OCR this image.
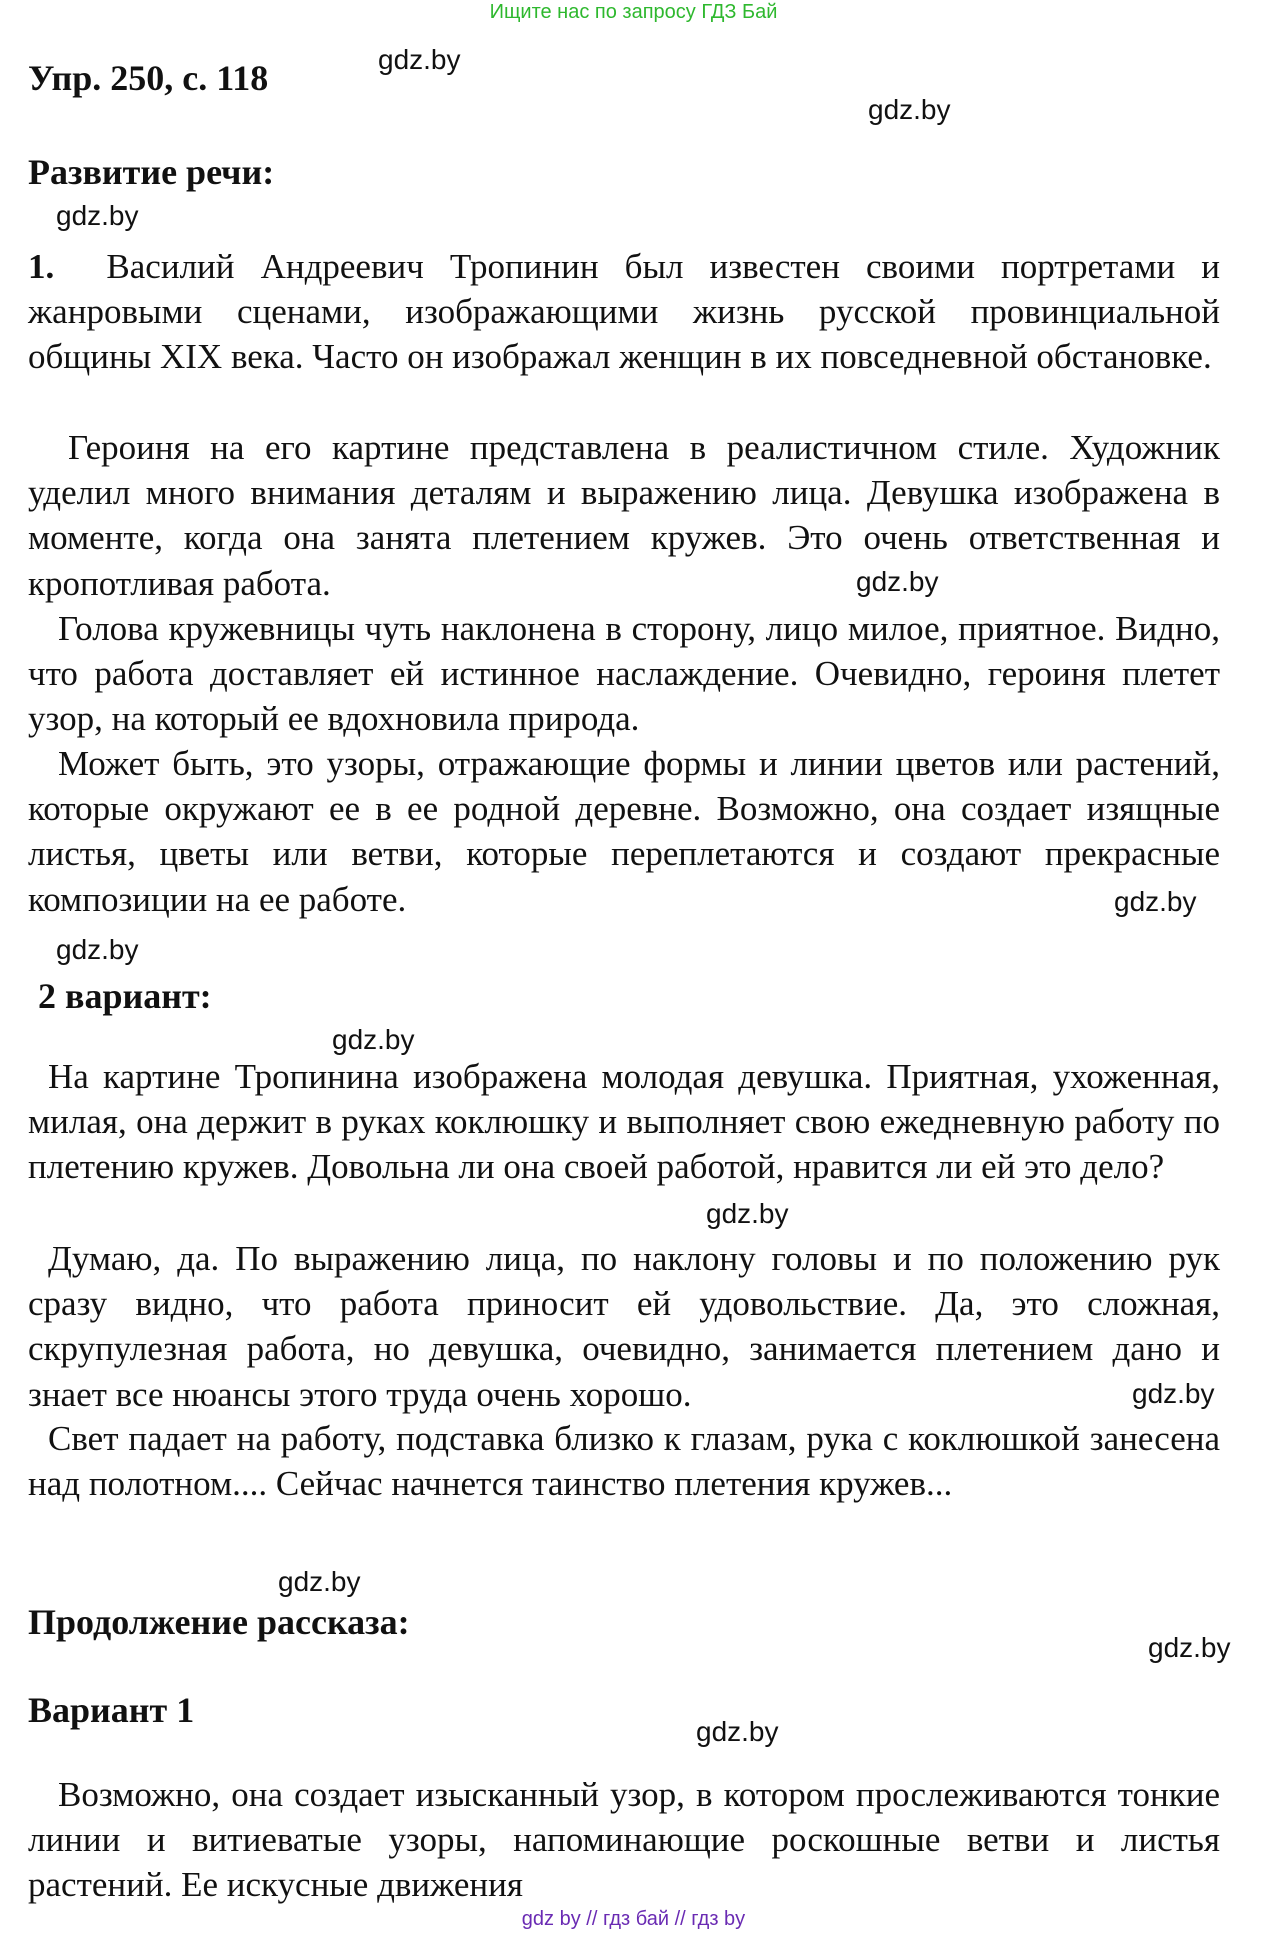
Ищите нас по запросу ГДЗ Бай
Упр. 250, с. 118	gdz.by
gdz.by
Развитие речи:
gdz.by

1. Василий Андреевич Тропинин был известен своими портретами и жанровыми сценами, изображающими жизнь русской провинциальной общины XIX века. Часто он изображал женщин в их повседневной обстановке.

Героиня на его картине представлена в реалистичном стиле. Художник уделил много внимания деталям и выражению лица. Девушка изображена в моменте, когда она занята плетением кружев. Это очень ответственная и кропотливая работа.	gdz.by

Голова кружевницы чуть наклонена в сторону, лицо милое, приятное. Видно, что работа доставляет ей истинное наслаждение. Очевидно, героиня плетет узор, на который ее вдохновила природа.

Может быть, это узоры, отражающие формы и линии цветов или растений, которые окружают ее в ее родной деревне. Возможно, она создает изящные листья, цветы или ветви, которые переплетаются и создают прекрасные композиции на ее работе.	gdz.by
gdz.by
2 вариант:
gdz.by

На картине Тропинина изображена молодая девушка. Приятная, ухоженная, милая, она держит в руках коклюшку и выполняет свою ежедневную работу по плетению кружев. Довольна ли она своей работой, нравится ли ей это дело?

gdz.by

Думаю, да. По выражению лица, по наклону головы и по положению рук сразу видно, что работа приносит ей удовольствие. Да, это сложная, скрупулезная работа, но девушка, очевидно, занимается плетением дано и знает все нюансы этого труда очень хорошо.	gdz.by

Свет падает на работу, подставка близко к глазам, рука с коклюшкой занесена над полотном.... Сейчас начнется таинство плетения кружев...

gdz.by
Продолжение рассказа:
gdz.by
Вариант 1
gdz.by

Возможно, она создает изысканный узор, в котором прослеживаются тонкие линии и витиеватые узоры, напоминающие роскошные ветви и листья растений. Ее искусные движения

gdz by // гдз бай // гдз by
